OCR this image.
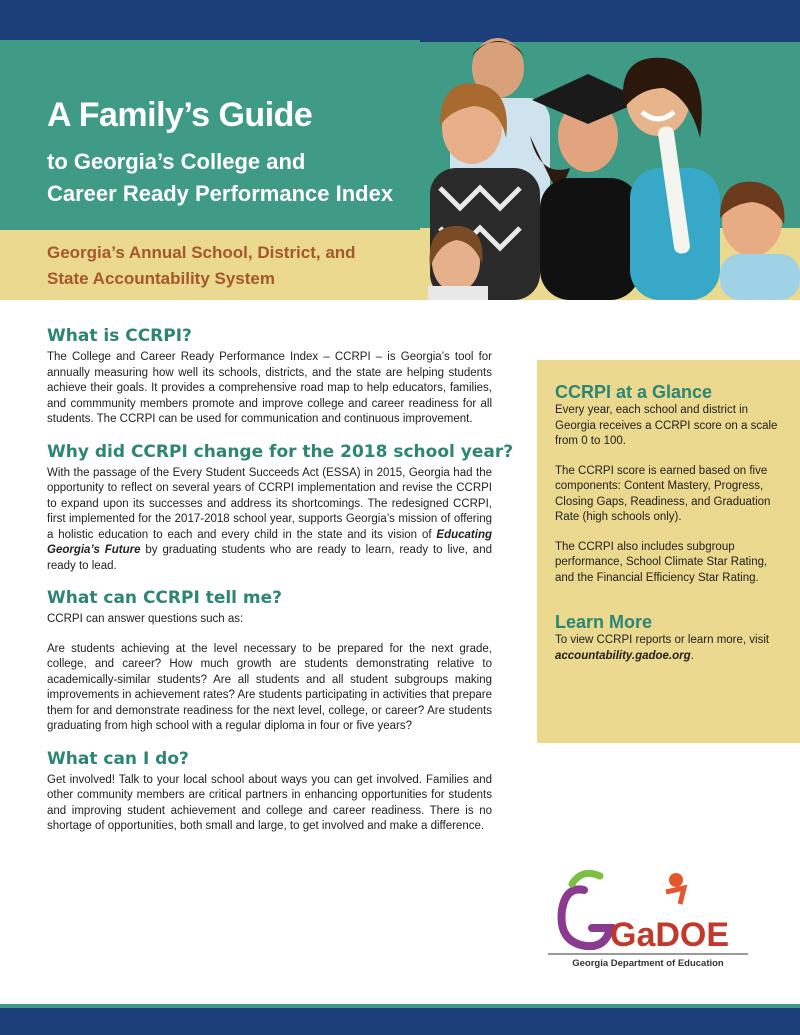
A Family’s Guide
to Georgia’s College and
Career Ready Performance Index
Georgia’s Annual School, District, and
State Accountability System
What is CCRPI?

The College and Career Ready Performance Index – CCRPI – is Georgia’s tool for annually measuring how well its schools, districts, and the state are helping students achieve their goals. It provides a comprehensive road map to help educators, families, and commmunity members promote and improve college and career readiness for all students. The CCRPI can be used for communication and continuous improvement.

Why did CCRPI change for the 2018 school year?

With the passage of the Every Student Succeeds Act (ESSA) in 2015, Georgia had the opportunity to reflect on several years of CCRPI implementation and revise the CCRPI to expand upon its successes and address its shortcomings. The redesigned CCRPI, first implemented for the 2017-2018 school year, supports Georgia’s mission of offering a holistic education to each and every child in the state and its vision of Educating Georgia’s Future by graduating students who are ready to learn, ready to live, and ready to lead.

What can CCRPI tell me?

CCRPI can answer questions such as:

Are students achieving at the level necessary to be prepared for the next grade, college, and career? How much growth are students demonstrating relative to academically-similar students? Are all students and all student subgroups making improvements in achievement rates? Are students participating in activities that prepare them for and demonstrate readiness for the next level, college, or career? Are students graduating from high school with a regular diploma in four or five years?

What can I do?

Get involved! Talk to your local school about ways you can get involved. Families and other community members are critical partners in enhancing opportunities for students and improving student achievement and college and career readiness. There is no shortage of opportunities, both small and large, to get involved and make a difference.

CCRPI at a Glance

Every year, each school and district in Georgia receives a CCRPI score on a scale from 0 to 100.

The CCRPI score is earned based on five components: Content Mastery, Progress, Closing Gaps, Readiness, and Graduation Rate (high schools only).

The CCRPI also includes subgroup performance, School Climate Star Rating, and the Financial Efficiency Star Rating.

Learn More

To view CCRPI reports or learn more, visit accountability.gadoe.org.

GaDOE
Georgia Department of Education
